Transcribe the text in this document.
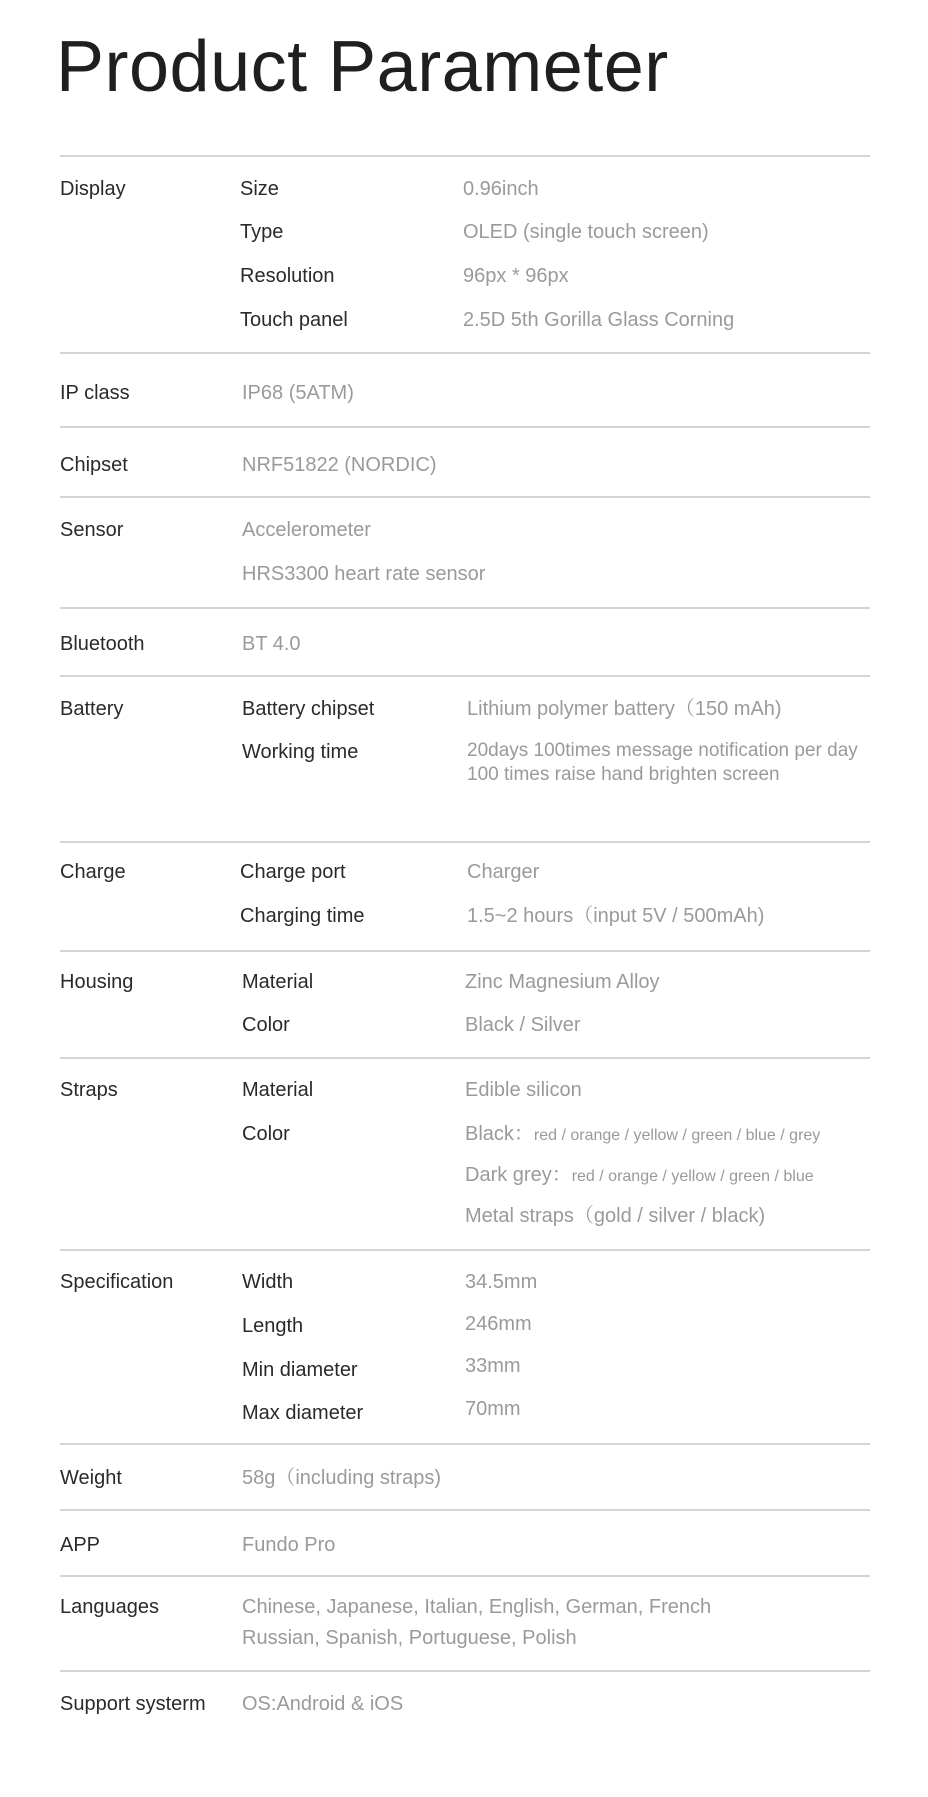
Product Parameter
Display	Size	0.96inch
Type	OLED (single touch screen)
Resolution	96px * 96px
Touch panel	2.5D 5th Gorilla Glass Corning
IP class	IP68 (5ATM)
Chipset	NRF51822 (NORDIC)
Sensor	Accelerometer
HRS3300 heart rate sensor
Bluetooth	BT 4.0
Battery	Battery chipset	Lithium polymer battery（150 mAh)
Working time	20days 100times message notification per day
100 times raise hand brighten screen
Charge	Charge port	Charger
Charging time	1.5~2 hours（input 5V / 500mAh)
Housing	Material	Zinc Magnesium Alloy
Color	Black / Silver
Straps	Material	Edible silicon
Color	Black：red / orange / yellow / green / blue / grey
Dark grey：red / orange / yellow / green / blue
Metal straps（gold / silver / black)
Specification	Width	34.5mm
Length	246mm
Min diameter	33mm
Max diameter	70mm
Weight	58g（including straps)
APP	Fundo Pro
Languages	Chinese, Japanese, Italian, English, German, French
Russian, Spanish, Portuguese, Polish
Support systerm OS:Android & iOS
